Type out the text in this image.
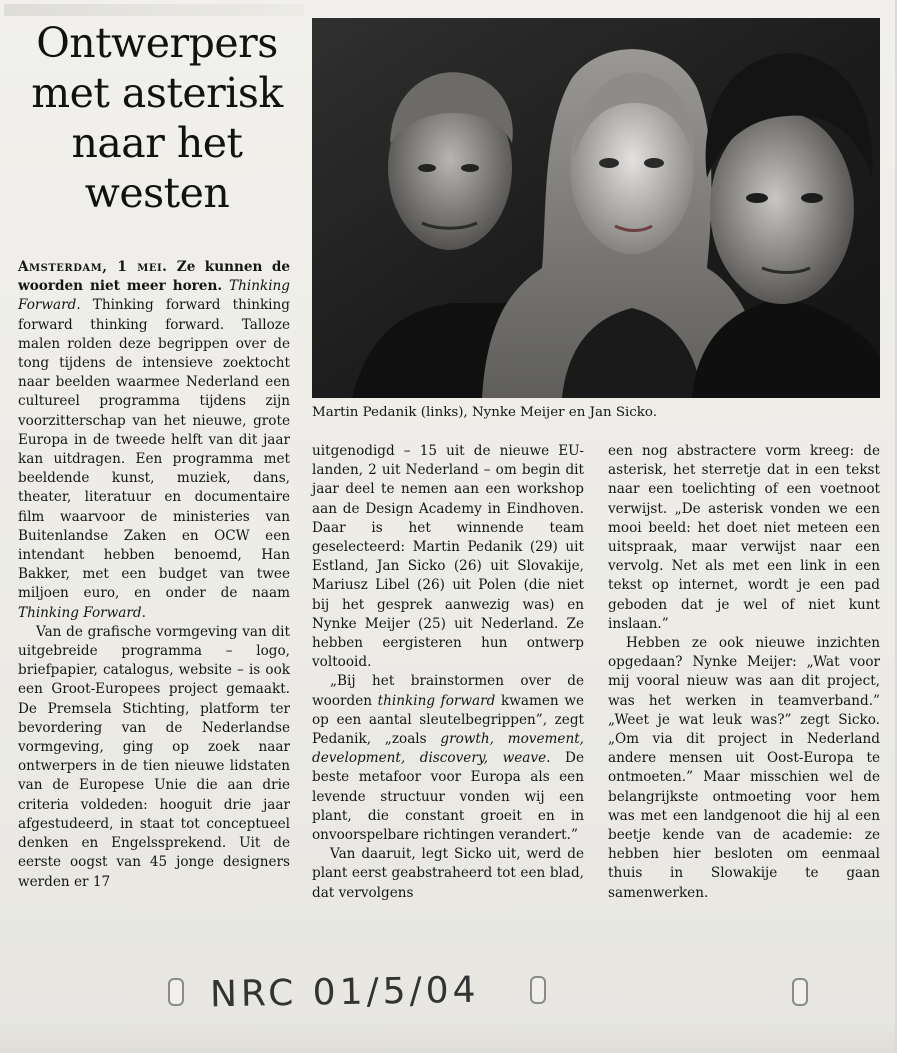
Ontwerpers
met asterisk
naar het
westen

Amsterdam, 1 mei. Ze kunnen de woorden niet meer horen. Thinking Forward. Thinking forward thinking forward thinking forward. Talloze malen rolden deze begrippen over de tong tijdens de intensieve zoektocht naar beelden waarmee Nederland een cultureel programma tijdens zijn voorzitterschap van het nieuwe, grote Europa in de tweede helft van dit jaar kan uitdragen. Een programma met beeldende kunst, muziek, dans, theater, literatuur en documentaire film waarvoor de ministeries van Buitenlandse Zaken en OCW een intendant hebben benoemd, Han Bakker, met een budget van twee miljoen euro, en onder de naam Thinking Forward.

Van de grafische vormgeving van dit uitgebreide programma – logo, briefpapier, catalogus, website – is ook een Groot-Europees project gemaakt. De Premsela Stichting, platform ter bevordering van de Nederlandse vormgeving, ging op zoek naar ontwerpers in de tien nieuwe lidstaten van de Europese Unie die aan drie criteria voldeden: hooguit drie jaar afgestudeerd, in staat tot conceptueel denken en Engelssprekend. Uit de eerste oogst van 45 jonge designers werden er 17

Martin Pedanik (links), Nynke Meijer en Jan Sicko.

uitgenodigd – 15 uit de nieuwe EU-landen, 2 uit Nederland – om begin dit jaar deel te nemen aan een workshop aan de Design Academy in Eindhoven. Daar is het winnende team geselecteerd: Martin Pedanik (29) uit Estland, Jan Sicko (26) uit Slovakije, Mariusz Libel (26) uit Polen (die niet bij het gesprek aanwezig was) en Nynke Meijer (25) uit Nederland. Ze hebben eergisteren hun ontwerp voltooid.

„Bij het brainstormen over de woorden thinking forward kwamen we op een aantal sleutelbegrippen”, zegt Pedanik, „zoals growth, movement, development, discovery, weave. De beste metafoor voor Europa als een levende structuur vonden wij een plant, die constant groeit en in onvoorspelbare richtingen verandert.”

Van daaruit, legt Sicko uit, werd de plant eerst geabstraheerd tot een blad, dat vervolgens

een nog abstractere vorm kreeg: de asterisk, het sterretje dat in een tekst naar een toelichting of een voetnoot verwijst. „De asterisk vonden we een mooi beeld: het doet niet meteen een uitspraak, maar verwijst naar een vervolg. Net als met een link in een tekst op internet, wordt je een pad geboden dat je wel of niet kunt inslaan.”

Hebben ze ook nieuwe inzichten opgedaan? Nynke Meijer: „Wat voor mij vooral nieuw was aan dit project, was het werken in teamverband.” „Weet je wat leuk was?” zegt Sicko. „Om via dit project in Nederland andere mensen uit Oost-Europa te ontmoeten.” Maar misschien wel de belangrijkste ontmoeting voor hem was met een landgenoot die hij al een beetje kende van de academie: ze hebben hier besloten om eenmaal thuis in Slowakije te gaan samenwerken.

NRC 01/5/04
